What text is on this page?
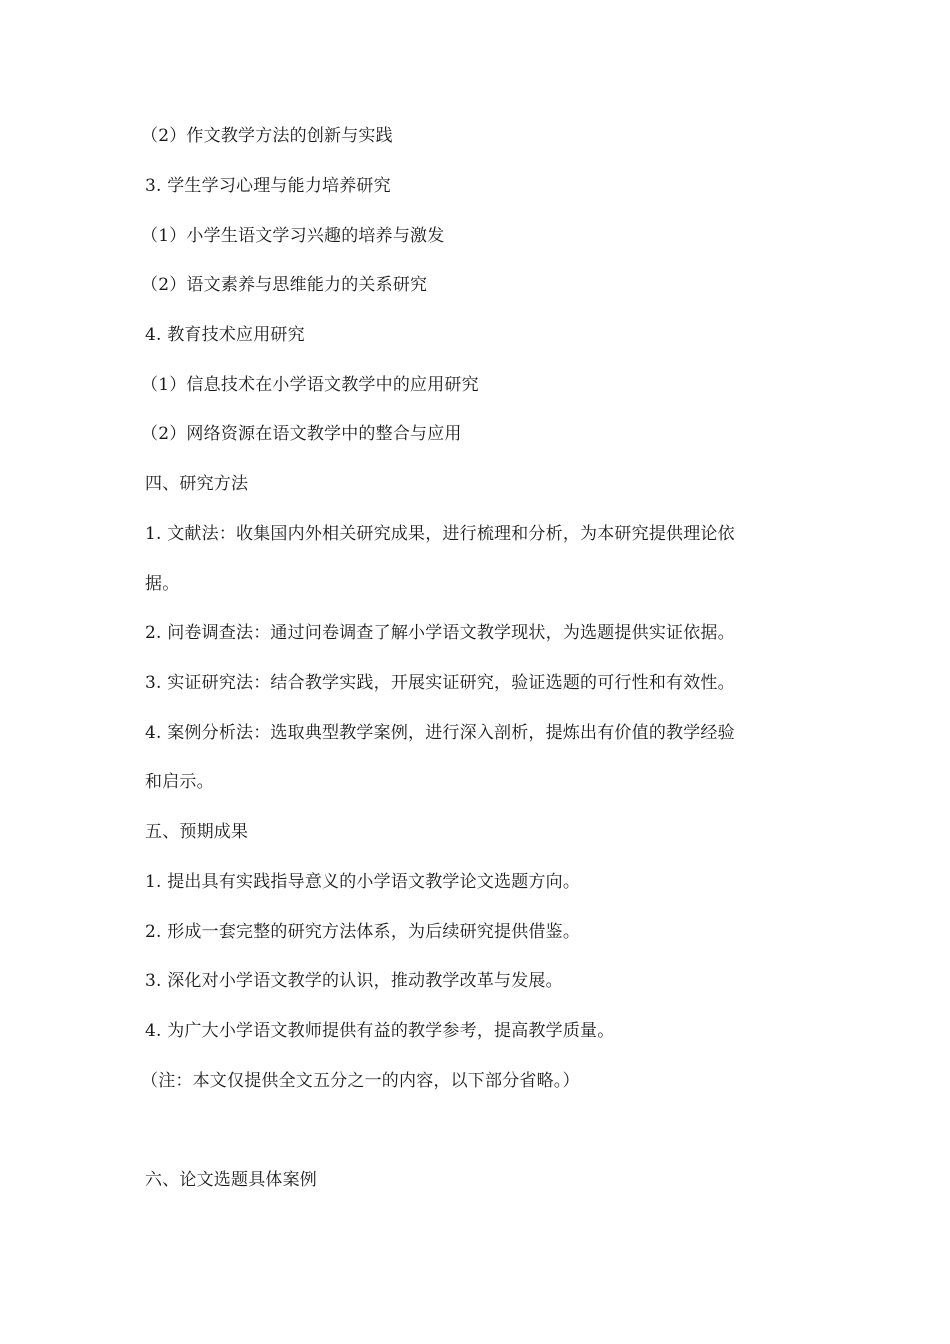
（2）作文教学方法的创新与实践
3. 学生学习心理与能力培养研究
（1）小学生语文学习兴趣的培养与激发
（2）语文素养与思维能力的关系研究
4. 教育技术应用研究
（1）信息技术在小学语文教学中的应用研究
（2）网络资源在语文教学中的整合与应用
四、研究方法
1. 文献法：收集国内外相关研究成果，进行梳理和分析，为本研究提供理论依
据。
2. 问卷调查法：通过问卷调查了解小学语文教学现状，为选题提供实证依据。
3. 实证研究法：结合教学实践，开展实证研究，验证选题的可行性和有效性。
4. 案例分析法：选取典型教学案例，进行深入剖析，提炼出有价值的教学经验
和启示。
五、预期成果
1. 提出具有实践指导意义的小学语文教学论文选题方向。
2. 形成一套完整的研究方法体系，为后续研究提供借鉴。
3. 深化对小学语文教学的认识，推动教学改革与发展。
4. 为广大小学语文教师提供有益的教学参考，提高教学质量。
（注：本文仅提供全文五分之一的内容，以下部分省略。）
六、论文选题具体案例
